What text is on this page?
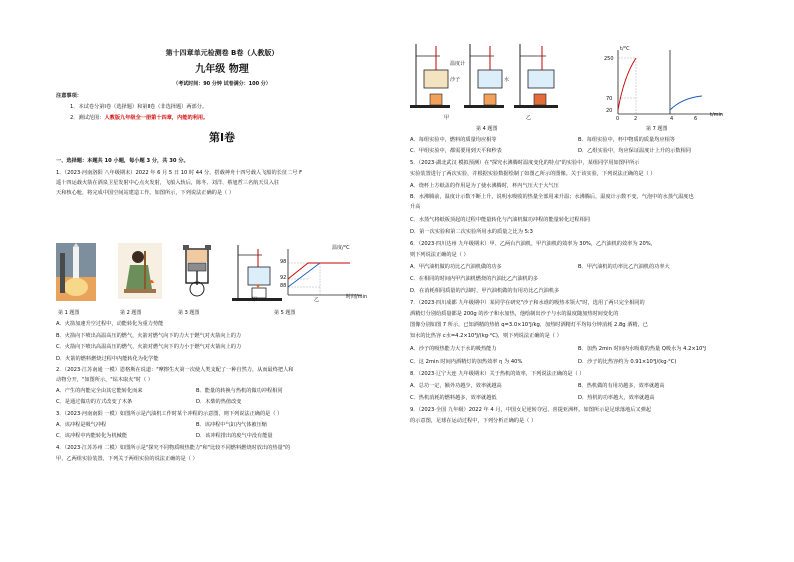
第十四章单元检测卷 B卷（人教版）
九年级 物理
（考试时间：90 分钟 试卷满分：100 分）
注意事项：
1．本试卷分第Ⅰ卷（选择题）和第Ⅱ卷（非选择题）两部分。
2．测试范围：人教版九年级全一册第十四章，内能的利用。
第Ⅰ卷
一、选择题：本题共 10 小题，每小题 3 分，共 30 分。
1．（2023·河南洛阳 八年级期末）2022 年 6 月 5 日 10 时 44 分，搭载神舟十四号载人飞船的长征二号 F
遥十四运载火箭在酒泉卫星发射中心点火发射，飞船入轨后，陈冬、刘洋、蔡旭哲三名航天员入驻
天和核心舱，将完成中国空间站建造工作。如图所示，下列说法正确的是（ ）
温度/°C
98
92
88
时间/min
甲	乙
第 1 题图	第 2 题图	第 3 题图	第 5 题图
A．火箭加速升空过程中，动能转化为重力势能
B．火箭向下喷出高温高压的燃气，火箭对燃气向下的力大于燃气对火箭向上的力
C．火箭向下喷出高温高压的燃气，火箭对燃气向下的力小于燃气对火箭向上的力
D．火箭的燃料燃烧过程中内能转化为化学能
2．（2023·江苏南通 一模）恩格斯在说道："摩擦生火第一次使人类支配了一种自然力，从而最终把人和
动物分开，"如图所示，"钻木取火"时（ ）
A．产生的内能完全由其它能转化而来	B．能量的转换与热机的做功冲程相同
C．是通过做功的方式改变了木条	D．木柴的热值改变
3．（2023·河南南阳 一模）如图所示是汽油机工作时某个冲程的示意图，则下列说法正确的是（ ）
A．该冲程是吸气冲程	B．该冲程中气缸内气体被压缩
C．该冲程中内能转化为机械能	D．该冲程排出的废气中没有能量
4．（2023·江苏苏州 二模）如图所示是"探究不同物质吸热能力"和"比较不同燃料燃烧时放出的热量"的
甲、乙两组实验装置，下列关于两组实验的说法正确的是（ ）
温度计
沙子	水
甲	乙
t/°C
250
70
20
t/min
0	2	4	6
第 4 题图	第 7 题图
A．每组实验中，燃料的质量均应相等	B．每组实验中，杯中物质的质量均应相等
C．甲组实验中，都需要用到天平和秒表	D．乙组实验中，均应保证温度计上升的示数相同
5．（2023·湖北武汉 模拟预测）在"探究水沸腾时温度变化的特点"的实验中，某组同学用如图甲所示
实验装置进行了两次实验，并根据实验数据绘制了如图乙所示的图像。关于该实验，下列说法正确的是（ ）
A．烧杯上方纸盖的作用是为了使水沸腾时，杯内气压大于大气压
B．水沸腾前，温度计示数不断上升，说明水吸收的热量全部用来升温；水沸腾后，温度计示数不变，气泡中的水蒸气温度也
升高
C．水蒸气将纸板顶起的过程中能量转化与汽油机做功冲程的能量转化过程相同
D．第一次实验和第二次实验所用水的质量之比为 5:3
6．（2023·四川达州 九年级期末）甲、乙两台汽油机，甲汽油机的效率为 30%，乙汽油机的效率为 20%，
则下列说法正确的是（ ）
A．甲汽油机做的功比乙汽油机做的功多	B．甲汽油机的功率比乙汽油机的功率大
C．在相同的时间内甲汽油机燃烧的汽油比乙汽油机的多
D．在消耗相同质量的汽油时，甲汽油机做的有用功比乙汽油机多
7．（2023·四川成都 九年级期中）某同学在研究"沙子和水谁的吸热本领大"时，选用了两只完全相同的
酒精灯分别给质量都是 200g 的沙子和水加热，他绘制出沙子与水的温度随加热时间变化的
图像分别如图 7 所示，已知酒精的热值 q=3.0×10⁷J/kg，加热时酒精灯平均每分钟消耗 2.8g 酒精，已
知水的比热容 c水=4.2×10³J/(kg·°C)，则下列说法正确的是（ ）
A．沙子的吸热能力大于水的吸热能力	B．加热 2min 时间内水吸收的热量 Q吸水为 4.2×10⁵J
C．这 2min 时间内酒精灯的加热效率 η 为 40%	D．沙子的比热容约为 0.91×10³J/(kg·°C)
8．（2023·辽宁大连 九年级期末）关于热机的效率，下列说法正确的是（ ）
A．总功一定，额外功越少，效率就越高	B．热机做的有用功越多，效率就越高
C．热机消耗的燃料越多，效率就越低	D．热机的功率越大，效率就越高
9．（2023·全国 九年级）2022 年 4 月，中国女足逆转夺冠，喜提亚洲杯。如图所示是足球落地后又弹起
的示意图，足球在运动过程中，下列分析正确的是（ ）
